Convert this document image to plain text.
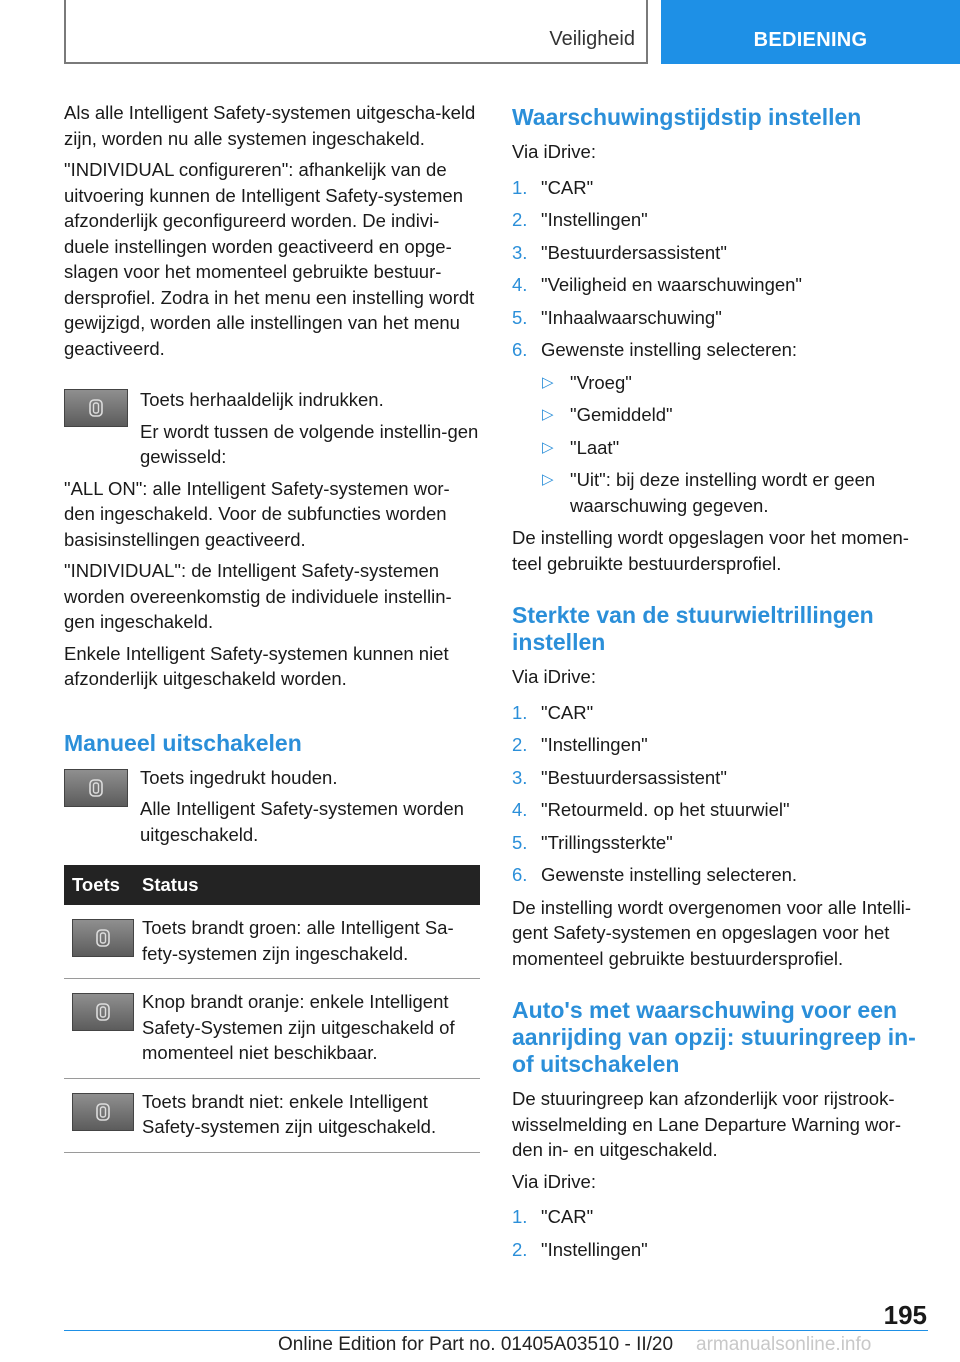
Veiligheid	BEDIENING

Als alle Intelligent Safety-systemen uitgescha-keld zijn, worden nu alle systemen ingeschakeld.

"INDIVIDUAL configureren": afhankelijk van de uitvoering kunnen de Intelligent Safety-systemen afzonderlijk geconfigureerd worden. De indivi-duele instellingen worden geactiveerd en opge-slagen voor het momenteel gebruikte bestuur-dersprofiel. Zodra in het menu een instelling wordt gewijzigd, worden alle instellingen van het menu geactiveerd.

Toets herhaaldelijk indrukken.

Er wordt tussen de volgende instellin-gen gewisseld:

"ALL ON": alle Intelligent Safety-systemen wor-den ingeschakeld. Voor de subfuncties worden basisinstellingen geactiveerd.

"INDIVIDUAL": de Intelligent Safety-systemen worden overeenkomstig de individuele instellin-gen ingeschakeld.

Enkele Intelligent Safety-systemen kunnen niet afzonderlijk uitgeschakeld worden.

Manueel uitschakelen

Toets ingedrukt houden.

Alle Intelligent Safety-systemen worden uitgeschakeld.

Toets	Status

	Toets brandt groen: alle Intelligent Sa-fety-systemen zijn ingeschakeld.

	Knop brandt oranje: enkele Intelligent Safety-Systemen zijn uitgeschakeld of momenteel niet beschikbaar.

	Toets brandt niet: enkele Intelligent Safety-systemen zijn uitgeschakeld.
Waarschuwingstijdstip instellen

Via iDrive:

1. "CAR"
2. "Instellingen"
3. "Bestuurdersassistent"
4. "Veiligheid en waarschuwingen"
5. "Inhaalwaarschuwing"
6. Gewenste instelling selecteren:
▷ "Vroeg"
▷ "Gemiddeld"
▷ "Laat"
▷ "Uit": bij deze instelling wordt er geen waarschuwing gegeven.

De instelling wordt opgeslagen voor het momen-teel gebruikte bestuurdersprofiel.

Sterkte van de stuurwieltrillingen instellen

Via iDrive:

1. "CAR"
2. "Instellingen"
3. "Bestuurdersassistent"
4. "Retourmeld. op het stuurwiel"
5. "Trillingssterkte"
6. Gewenste instelling selecteren.

De instelling wordt overgenomen voor alle Intelli-gent Safety-systemen en opgeslagen voor het momenteel gebruikte bestuurdersprofiel.

Auto's met waarschuwing voor een aanrijding van opzij: stuuringreep in- of uitschakelen

De stuuringreep kan afzonderlijk voor rijstrook-wisselmelding en Lane Departure Warning wor-den in- en uitgeschakeld.

Via iDrive:

1. "CAR"
2. "Instellingen"
195
Online Edition for Part no. 01405A03510 - II/20 armanualsonline.info
